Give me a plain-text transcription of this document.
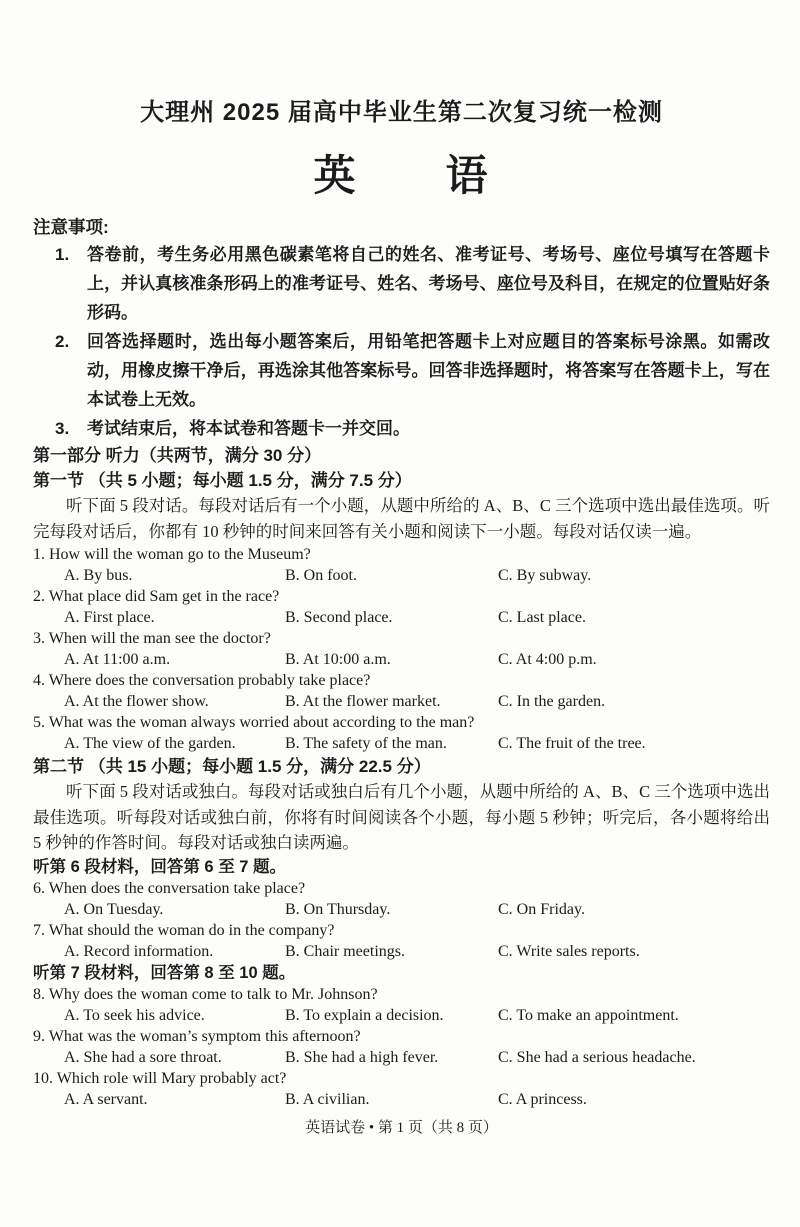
大理州 2025 届高中毕业生第二次复习统一检测
英　　语
注意事项:
1.	答卷前，考生务必用黑色碳素笔将自己的姓名、准考证号、考场号、座位号填写在答题卡上，并认真核准条形码上的准考证号、姓名、考场号、座位号及科目，在规定的位置贴好条形码。
2.	回答选择题时，选出每小题答案后，用铅笔把答题卡上对应题目的答案标号涂黑。如需改动，用橡皮擦干净后，再选涂其他答案标号。回答非选择题时，将答案写在答题卡上，写在本试卷上无效。
3.	考试结束后，将本试卷和答题卡一并交回。
第一部分 听力（共两节，满分 30 分）
第一节 （共 5 小题；每小题 1.5 分，满分 7.5 分）

听下面 5 段对话。每段对话后有一个小题，从题中所给的 A、B、C 三个选项中选出最佳选项。听完每段对话后，你都有 10 秒钟的时间来回答有关小题和阅读下一小题。每段对话仅读一遍。

1. How will the woman go to the Museum?
A. By bus.	B. On foot.	C. By subway.
2. What place did Sam get in the race?
A. First place.	B. Second place.	C. Last place.
3. When will the man see the doctor?
A. At 11:00 a.m.	B. At 10:00 a.m.	C. At 4:00 p.m.
4. Where does the conversation probably take place?
A. At the flower show.	B. At the flower market.	C. In the garden.
5. What was the woman always worried about according to the man?
A. The view of the garden.	B. The safety of the man.	C. The fruit of the tree.
第二节 （共 15 小题；每小题 1.5 分，满分 22.5 分）

听下面 5 段对话或独白。每段对话或独白后有几个小题，从题中所给的 A、B、C 三个选项中选出最佳选项。听每段对话或独白前，你将有时间阅读各个小题，每小题 5 秒钟；听完后，各小题将给出 5 秒钟的作答时间。每段对话或独白读两遍。

听第 6 段材料，回答第 6 至 7 题。
6. When does the conversation take place?
A. On Tuesday.	B. On Thursday.	C. On Friday.
7. What should the woman do in the company?
A. Record information.	B. Chair meetings.	C. Write sales reports.
听第 7 段材料，回答第 8 至 10 题。
8. Why does the woman come to talk to Mr. Johnson?
A. To seek his advice.	B. To explain a decision.	C. To make an appointment.
9. What was the woman’s symptom this afternoon?
A. She had a sore throat.	B. She had a high fever.	C. She had a serious headache.
10. Which role will Mary probably act?
A. A servant.	B. A civilian.	C. A princess.
英语试卷 • 第 1 页（共 8 页）
